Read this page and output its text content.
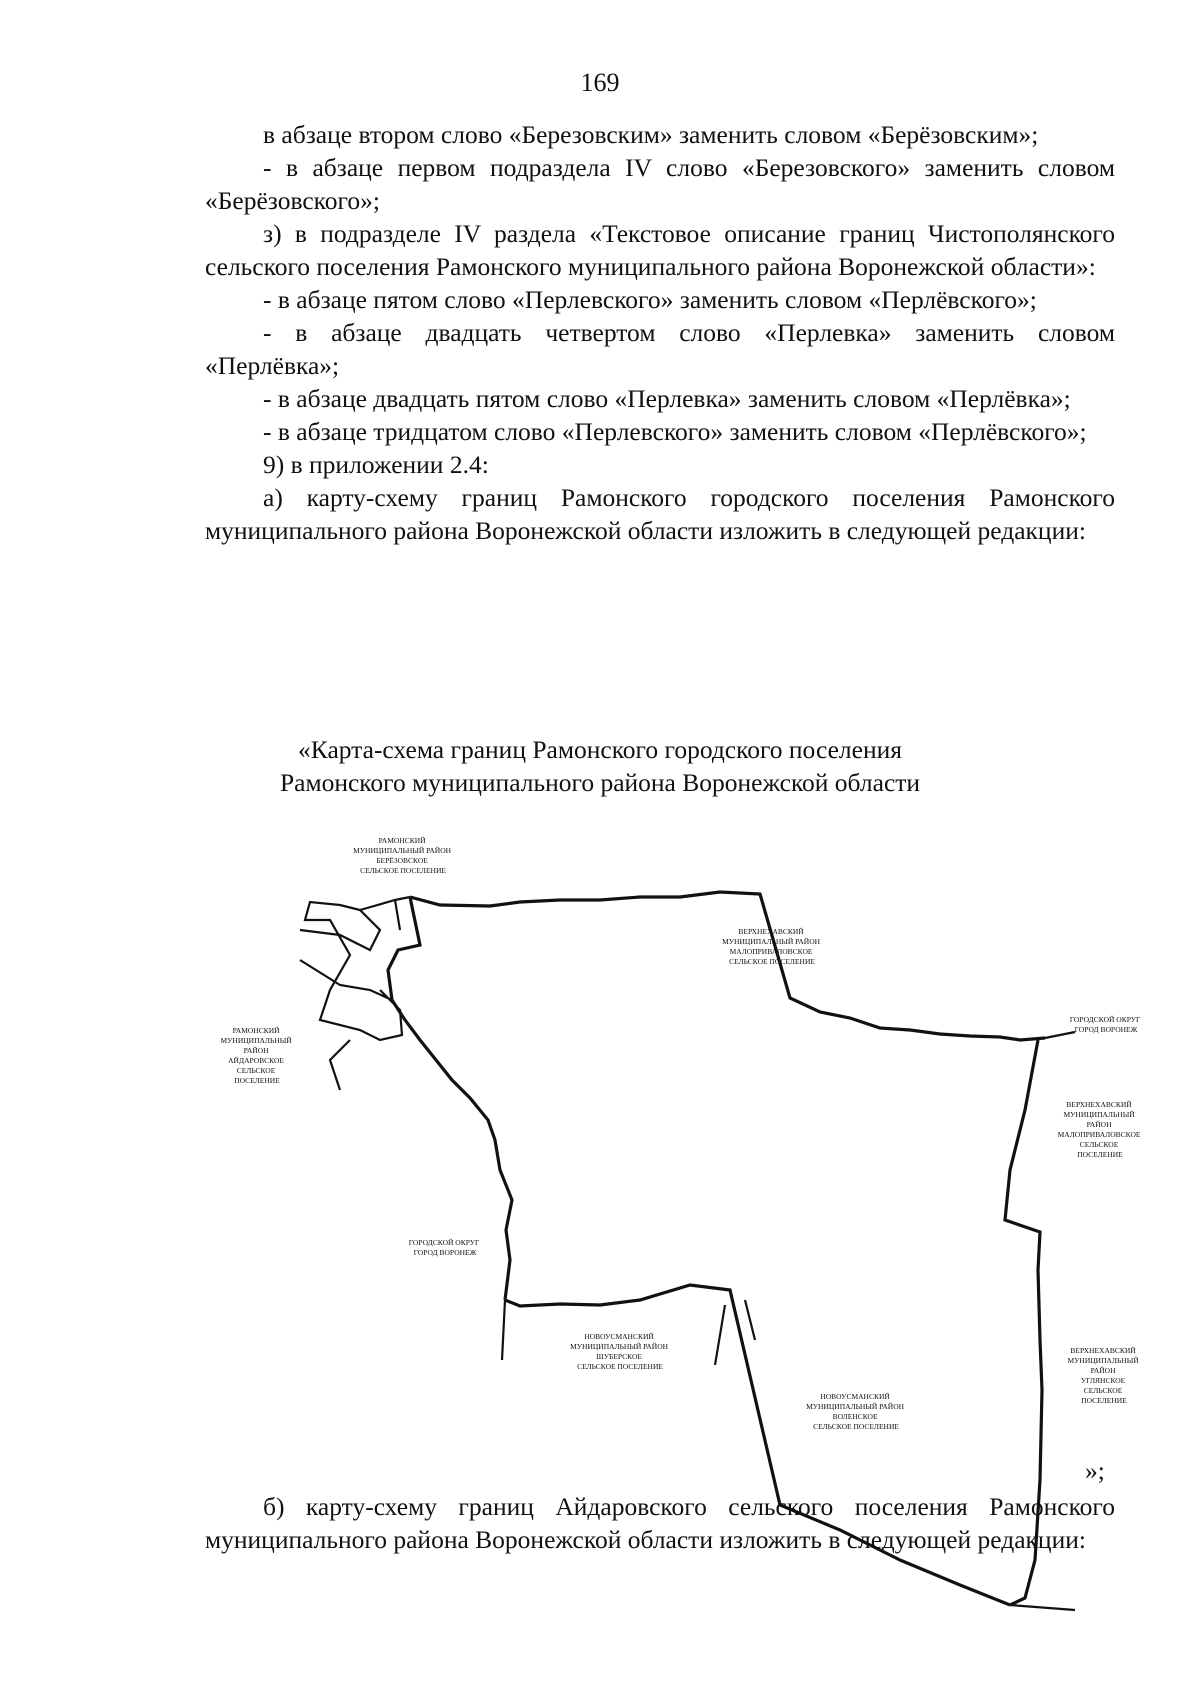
169

в абзаце втором слово «Березовским» заменить словом «Берёзовским»;

- в абзаце первом подраздела IV слово «Березовского» заменить словом «Берёзовского»;

з) в подразделе IV раздела «Текстовое описание границ Чистополянского сельского поселения Рамонского муниципального района Воронежской области»:

- в абзаце пятом слово «Перлевского» заменить словом «Перлёвского»;

- в абзаце двадцать четвертом слово «Перлевка» заменить словом «Перлёвка»;

- в абзаце двадцать пятом слово «Перлевка» заменить словом «Перлёвка»;

- в абзаце тридцатом слово «Перлевского» заменить словом «Перлёвского»;

9) в приложении 2.4:

а) карту-схему границ Рамонского городского поселения Рамонского муниципального района Воронежской области изложить в следующей редакции:

«Карта-схема границ Рамонского городского поселения
Рамонского муниципального района Воронежской области
РАМОНСКИЙ МУНИЦИПАЛЬНЫЙ РАЙОН БЕРЁЗОВСКОЕ СЕЛЬСКОЕ ПОСЕЛЕНИЕ
РАМОНСКИЙ МУНИЦИПАЛЬНЫЙ РАЙОН АЙДАРОВСКОЕ СЕЛЬСКОЕ ПОСЕЛЕНИЕ
ВЕРХНЕХАВСКИЙ МУНИЦИПАЛЬНЫЙ РАЙОН МАЛОПРИВАЛОВСКОЕ СЕЛЬСКОЕ ПОСЕЛЕНИЕ
ГОРОДСКОЙ ОКРУГ ГОРОД ВОРОНЕЖ
ВЕРХНЕХАВСКИЙ МУНИЦИПАЛЬНЫЙ РАЙОН МАЛОПРИВАЛОВСКОЕ СЕЛЬСКОЕ ПОСЕЛЕНИЕ
ГОРОДСКОЙ ОКРУГ ГОРОД ВОРОНЕЖ
НОВОУСМАНСКИЙ МУНИЦИПАЛЬНЫЙ РАЙОН ШУБЕРСКОЕ СЕЛЬСКОЕ ПОСЕЛЕНИЕ
НОВОУСМАНСКИЙ МУНИЦИПАЛЬНЫЙ РАЙОН ВОЛЕНСКОЕ СЕЛЬСКОЕ ПОСЕЛЕНИЕ
ВЕРХНЕХАВСКИЙ МУНИЦИПАЛЬНЫЙ РАЙОН УГЛЯНСКОЕ СЕЛЬСКОЕ ПОСЕЛЕНИЕ
»;

б) карту-схему границ Айдаровского сельского поселения Рамонского муниципального района Воронежской области изложить в следующей редакции:
